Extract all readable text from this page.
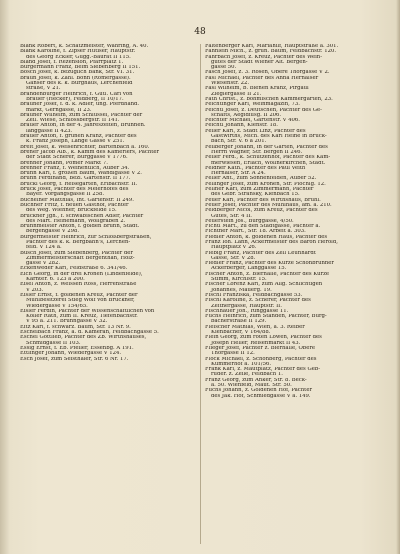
48
Blank Robert, k. Schätzmeister, Währing, A. 40.
Blank Karoline, f. Zipser Hutiser, Hauptstr.
des Georg Eckler, Gugg.-Baurat II 115.
Bland Josef, f. Rezension, Pfarrplatz 1.
Burgermann Franz, Beim Siebenberg II 151.
Bosch Josef, k. bezüglich Bank, Str. VI. 31.
Braun Josef, k. Zahl. Bonn (Römergasse).
Gänser des k. k. Burghaus, Lerchenfeld
straße, V 21.
Brandenburger Heinrich, f. Gutl. Carl von
Brauer (Hecker), Feldberg, II 10/17.
Bräuner Josef, f. d. k. Adler, ung. Pferdhand.
markt, Gerngasse, II 23.
Brauner Wilhelm, zum Schlüssel, Pächter der
Zeil. Wiese, Schlossbergstr. II 141.
Bräuer Anton, in der 4. Jahreszeiten, Brunnen.
langgasse II 423.
Brauer Anton, f. grünen Kranz, Pächter des
k. Franz Joseph, Lange Gasse V 251.
Breit Josef, k. Weisenrichter, Bartenbach a. 160.
Brener Jacob Alb., k. Kamm des Kameriers, Pächter
der Stadt Scherer, Burggasse V 1776.
Brenner Johann, Pömer Markt 7.
Brenner Franz, f. Weinentlich, Auber 34.
Brunn Karl, f. großen Baum, Wandlgasse V 2.
Brunn Ferdinand, Bezl. Gartenstr. II 177.
Bruckl Georg, f. Reisegarten, Erlbachstr. II.
Brück Josef, Pächter des Meierhofes des
Bayer. Vorgangsgasse II 258.
Büchelner Matthias, Int. Gartenstr. II 249.
Büchner Fritz, f. neuen Gasthof, Pächter
des Weg. Wiehner, Bruckfelde 15.
Bruckner Jgh., f. schwäbischen Adler, Pächter
des Mart. Heinemann, Wollgraben 2.
Brunnmeister Anton, f. golden Brunn, Stadt.
bergengasse V 298.
Burgermeister Heinrich, zur Schloßbergstraßen,
Pächter des k. k. Bergbahn's, Lerchen-
feld. V 124 a.
Busch Josef, zum Siebenberg, Pächter der
Zimmermeisterschaft Bergenthan, Holz-
gasse V 282.
Eckenweder Karl, Feldstraße 6. 341/46.
Eich Georg, in der drei Kronen (Lindenfelde),
Kärnter. 6. 123 a 200.
Eisel Anton, z. Weissen Ross, Herrenstraße
V 203.
Eisler Ernst, f. goldenen Kreuz, Pächter der
Mühlbesitzerei Stieg Wolf von Bruckner,
Wiedergasse V 154/65.
Eisler Ferdin, Pächter der Wissenschaftlichen von
Koller Rath, zum II. Kreuz, Tiefenbachstr.
V 95 a. 211. Brunngasse V 32.
Eitz Karl, f. schwarz. Baum, Str. 13 Nr. 9.
Eschelbach Franz, a. d. Kameran, Feldbachgasse 5.
Eschel Gottlieb, Pächter des Zb. Wirthshauses,
Schmidgasse II 103.
Essig Ernst, f. Eb. Pfeiler, Essenbg. A 191.
Ettlinger Johann, Wiedergasse V 124.
Esch Josef, zum Seisthaler, Str. 6 Nr. 17.
Faltenberger Karl, Mariahilf, Hauptstraße a. 301.
Fähnlein Mich., z. grün. Baum, Feldbachstr. 120.
Fahrbach Josef, z. Kreuz, Pächter des Wein-
gutes der Stadt Wiener Alt. Bergen-
gasse 50.
Fasch Josef, z. 3. Rosen, Obere Thorgasse V 2.
Fasl Michael, Pächter des Anna Hernalser
Wiesenstr. 22.
Fasl Wilhelm, b. Bienen Kranz, Pirgaul
Zieglergasse II 21.
Fath Christ., z. böhmischen Kammergarten, 23.
Feichtinger Karl, Weinmagazin, 73.
Feichtl Josef, z. Deutschen, Pächter des Ge-
schäfts, Aegidiusg. II 206.
Feichter Michael, Gartenstr. V 406.
Feichtl Johann, Kienstr. 18.
Feiler Karl, z. Stadt Linz, Pächter des
Gastwirths, Mich. des Karl Heine in Bruck-
bach, Str. V. 6 a 201.
Feilberger Johann, in der Gärten, Pächter des
Herrn Wagner, Str. Bergen II 246.
Feiler Ferd., k. Schützenhof, Pächter des Kam-
merwiesen, Erlach, Wollnerkirchen, Stadt.
Feldner Kath., Pächter des Paul Veith
Hernalser, Str. A 24.
Feller Ant., zum Sonnenfelden, Auber 52.
Fellinger Josef, zum Kronen, Str. Plöchlg. 12.
Fellner Karl, zum Zimmermann, Pächter
des Gebr. Stransky, Kienbach 15.
Feuer Karl, Pächter des Wirthshaus, Brühl.
Feuer Josef, Pächter des Mühlhaus, am. a. 210.
Feldberger Nicol, zum Kreuz, Pächter des
Gutes, Str. 4 II.
Feuerstein Jos., Burggasse, 4/50.
Fichtl Mart., zu den Stadtgasse, Pächter a.
Fichtner Mart., Str. 18. Arbeit a. 303.
Fiedler Anton, k. goldenen Haus, Pächter des
Franz Ioh. Lann, Ackermeister des Baron Herold,
Hauptplatz V 26.
Fiebig Franz, Pächter des Zell Leunhardt
Gasse, Str. V 28.
Fiedler Franz, Pächter des Kurze Schönbrunner
Ackerberger, Langgasse 15.
Fischer Anton, z. Bierhalle, Pächter des Kurze
Stimm, Kirchlstr. 15.
Fischer Lorenz Karl, zum Allg. Schlichtigen
Johannes, Mauerg. 19.
Fischl Franziska, Feldbachgasse 53.
Fischl Karoline, z. Scherer, Pächter des
Zeitnergasse, Hauptstr. II.
Fischhauer Joh., Ringgasse 11.
Fuchs Heinrich, zum Standen, Pächter, Burg-
bacherstraße II 129.
Fleischer Mathias, Wien, a. 3. Reiber
Kienbacher, V 164/88.
Flein Georg, zum roten Löwen, Pächter des
Joseph Heller, Reisenmarkt II 43.
Flieger Josef, Pächter z. Bierhalle, Obere
Thorgasse II 12.
Flöck Michael, z. Schönberg, Pächter des
Kummerhof a. 101/56.
Frank Karl, z. Mautplatz, Pächter des Geb-
rüder. z. Zeile, Feldbach 1.
Franz Georg, zum Anker, Str. 8. Beck-
a. 50. Wienfeld, Maut. Str. 50.
Fuchs Johann, z. Goldenen Hof, Pächter
des Jak. Hof, Schmiedgasse V a. 149.
